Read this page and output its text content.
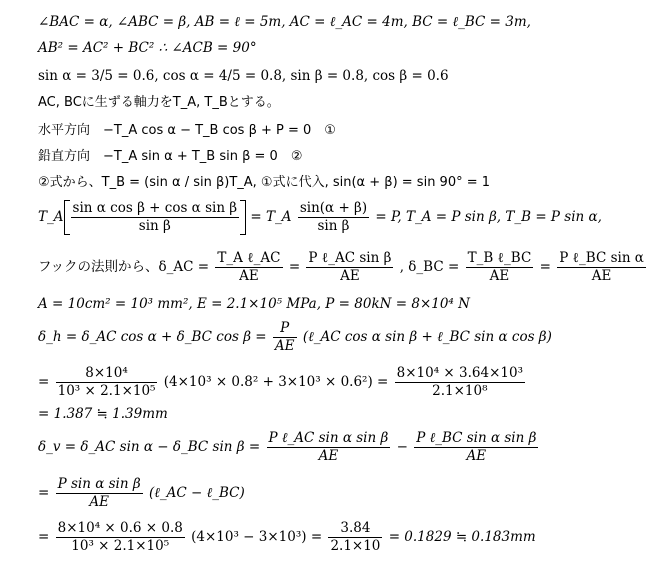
∠BAC = α, ∠ABC = β, AB = ℓ = 5m, AC = ℓ_AC = 4m, BC = ℓ_BC = 3m,
AB² = AC² + BC² ∴ ∠ACB = 90°
sin α = 3/5 = 0.6, cos α = 4/5 = 0.8, sin β = 0.8, cos β = 0.6
AC, BCに生ずる軸力をT_A, T_Bとする。
水平方向　−T_A cos α − T_B cos β + P = 0　①
鉛直方向　−T_A sin α + T_B sin β = 0　②
②式から、T_B = (sin α / sin β)T_A, ①式に代入, sin(α + β) = sin 90° = 1
T_A $\frac{\text{sin α cos β + cos α sin β}}{\text{sin β}}$ = T_A $\frac{\sin(\alpha + \beta)}{\text{sin β}} = P$, T_A = P sin β, T_B = P sin α,
フックの法則から、δ_AC = $\frac{\text{T\_A ℓ\_AC}}{AE} = \frac{\text{P ℓ\_AC sin β}}{AE}$ , δ_BC = $\frac{\text{T\_B ℓ\_BC}}{AE} = \frac{\text{P ℓ\_BC sin α}}{AE}$
A = 10cm² = 10³ mm², E = 2.1×10⁵ MPa, P = 80kN = 8×10⁴ N
δ_h = δ_AC cos α + δ_BC $\cos \beta = \frac{P}{AE}$ (ℓ_AC cos α sin β + ℓ_BC sin α cos β)
= $\frac{\text{8×10⁴}}{\text{10³ × 2.1×10⁵}} (4\times 10^3 \times 0.8^2 + 3\times 10^3 \times 0.6^2) = \frac{\text{8×10⁴ × 3.64×10³}}{\text{2.1×10⁸}}$
= 1.387 ≒ 1.39mm
δ_v = δ_AC sin α − δ_BC $\sin \beta = \frac{\text{P ℓ\_AC sin α sin β}}{AE} - \frac{\text{P ℓ\_BC sin α sin β}}{AE}$
= $\frac{\text{P sin α sin β}}{AE}$ (ℓ_AC − ℓ_BC)
= $\frac{\text{8×10⁴ × 0.6 × 0.8}}{\text{10³ × 2.1×10⁵}} (4\times 10^3 - 3\times 10^3) = \frac{3.84}{2.1\times 10} = 0.1829$ ≒ 0.183mm
